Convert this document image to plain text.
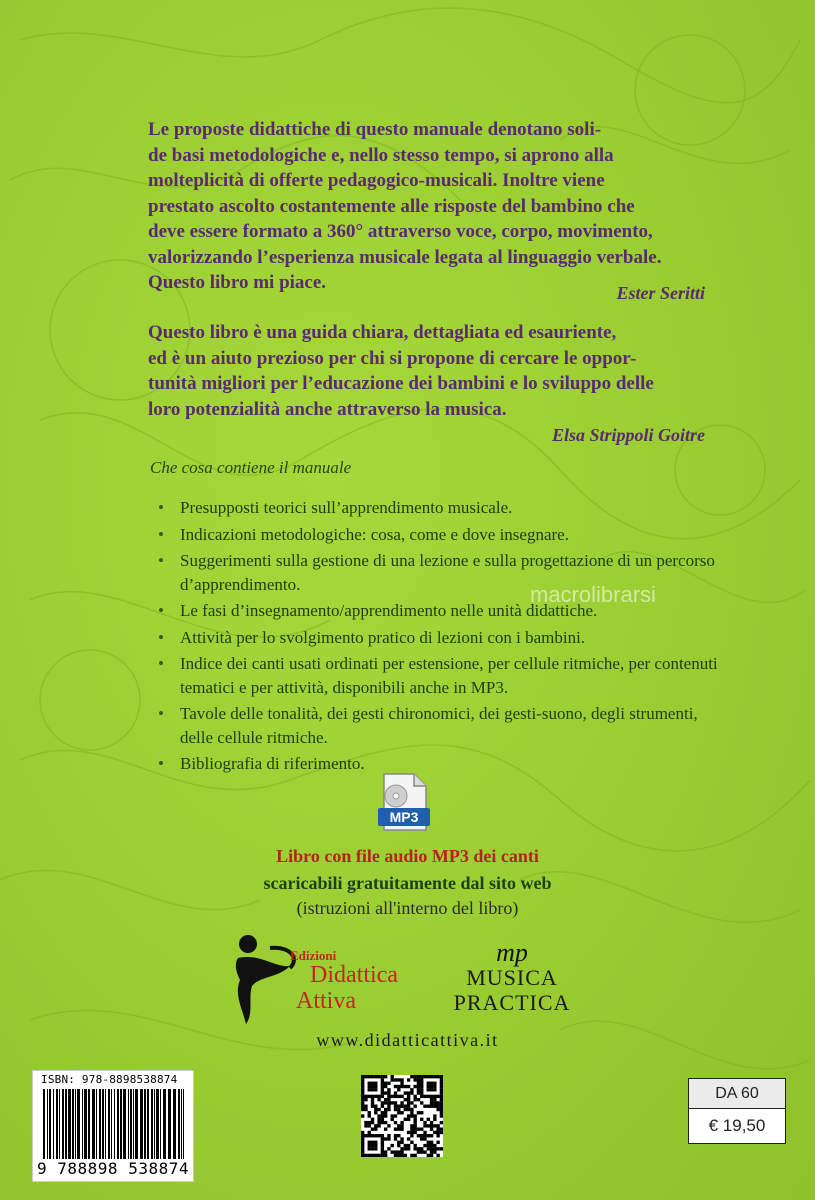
macrolibrarsi
Le proposte didattiche di questo manuale denotano soli-
de basi metodologiche e, nello stesso tempo, si aprono alla
molteplicità di offerte pedagogico-musicali. Inoltre viene
prestato ascolto costantemente alle risposte del bambino che
deve essere formato a 360° attraverso voce, corpo, movimento,
valorizzando l’esperienza musicale legata al linguaggio verbale.
Questo libro mi piace.	Ester Seritti
Questo libro è una guida chiara, dettagliata ed esauriente,
ed è un aiuto prezioso per chi si propone di cercare le oppor-
tunità migliori per l’educazione dei bambini e lo sviluppo delle
loro potenzialità anche attraverso la musica.
Elsa Strippoli Goitre
Che cosa contiene il manuale
• Presupposti teorici sull’apprendimento musicale.
• Indicazioni metodologiche: cosa, come e dove insegnare.
• Suggerimenti sulla gestione di una lezione e sulla progettazione di un percorso d’apprendimento.
• Le fasi d’insegnamento/apprendimento nelle unità didattiche.
• Attività per lo svolgimento pratico di lezioni con i bambini.
• Indice dei canti usati ordinati per estensione, per cellule ritmiche, per contenuti tematici e per attività, disponibili anche in MP3.
• Tavole delle tonalità, dei gesti chironomici, dei gesti-suono, degli strumenti, delle cellule ritmiche.
• Bibliografia di riferimento.
MP3
Libro con file audio MP3 dei canti
scaricabili gratuitamente dal sito web
(istruzioni all'interno del libro)
Edizioni
Didattica
Attiva
mp
MUSICA
PRACTICA
www.didatticattiva.it
ISBN: 978-8898538874
9 788898 538874
DA 60
€ 19,50
